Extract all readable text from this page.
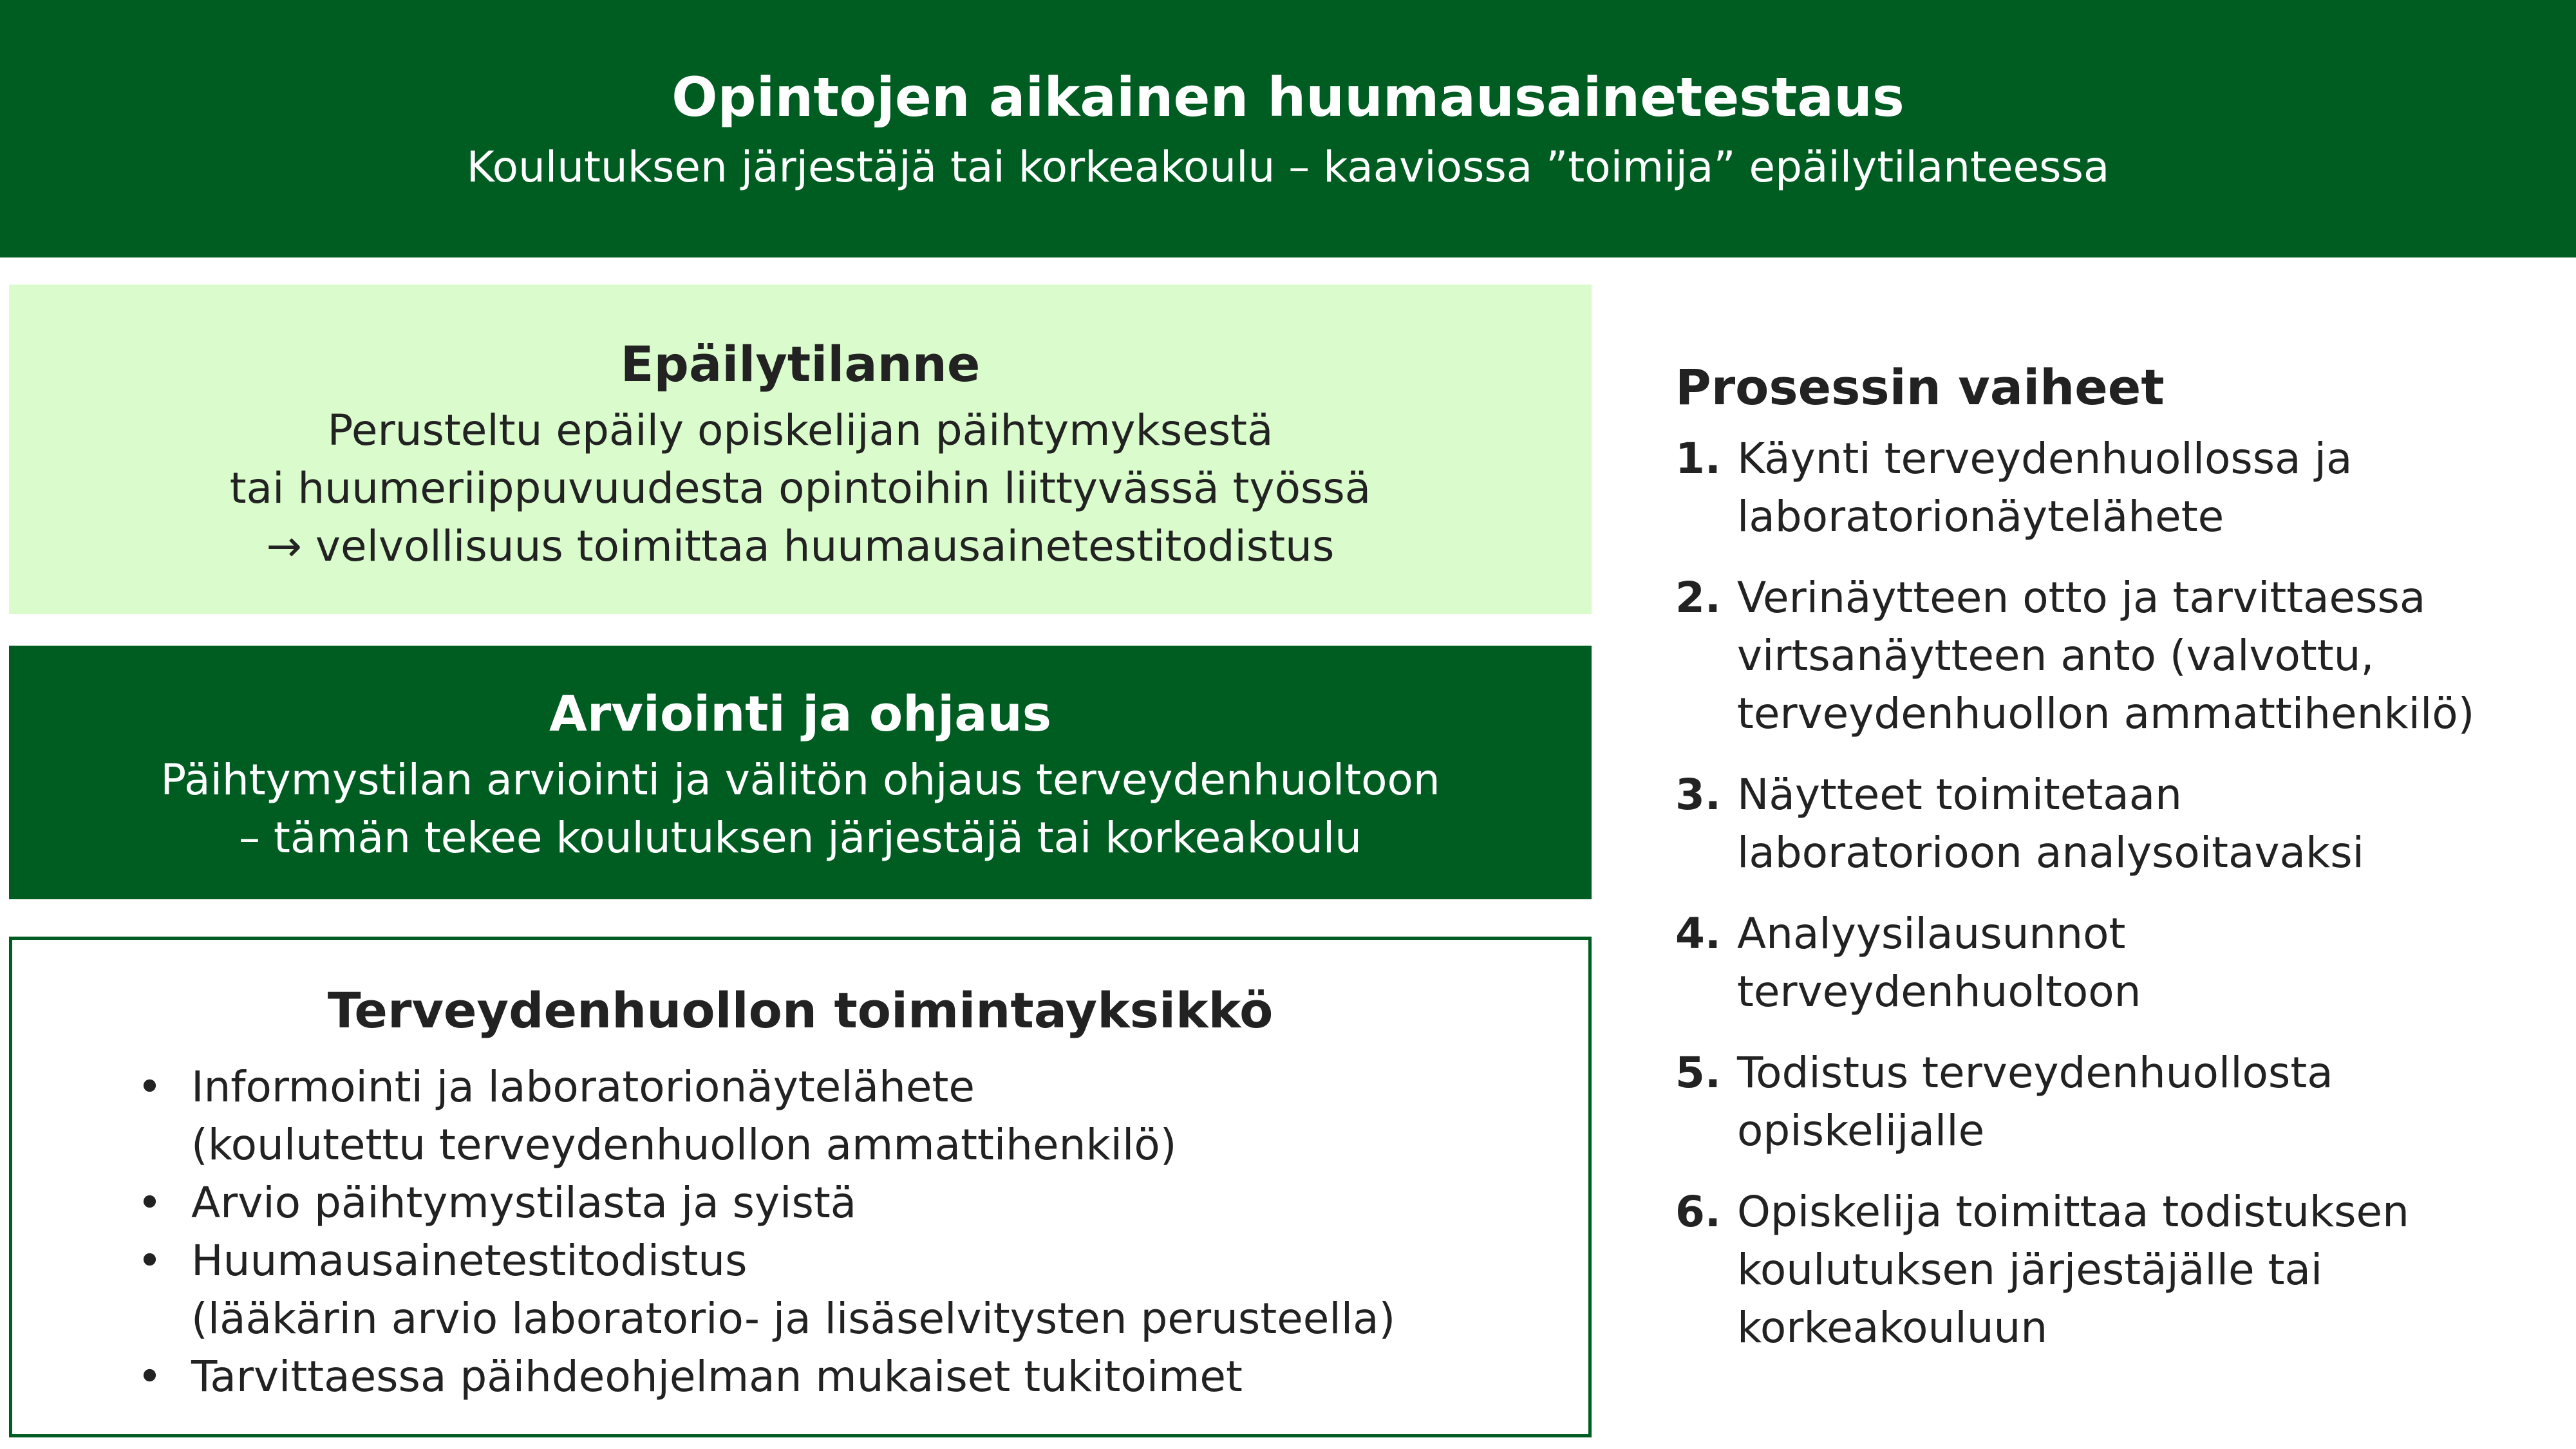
Opintojen aikainen huumausainetestaus
Koulutuksen järjestäjä tai korkeakoulu – kaaviossa ”toimija” epäilytilanteessa
Epäilytilanne

Perusteltu epäily opiskelijan päihtymyksestä

tai huumeriippuvuudesta opintoihin liittyvässä työssä

→ velvollisuus toimittaa huumausainetestitodistus

Arviointi ja ohjaus

Päihtymystilan arviointi ja välitön ohjaus terveydenhuoltoon

– tämän tekee koulutuksen järjestäjä tai korkeakoulu

Terveydenhuollon toimintayksikkö
• Informointi ja laboratorionäytelähete
(koulutettu terveydenhuollon ammattihenkilö)
• Arvio päihtymystilasta ja syistä
• Huumausainetestitodistus
(lääkärin arvio laboratorio- ja lisäselvitysten perusteella)
• Tarvittaessa päihdeohjelman mukaiset tukitoimet
Prosessin vaiheet
1. Käynti terveydenhuollossa ja
laboratorionäytelähete
2. Verinäytteen otto ja tarvittaessa
virtsanäytteen anto (valvottu,
terveydenhuollon ammattihenkilö)
3. Näytteet toimitetaan
laboratorioon analysoitavaksi
4. Analyysilausunnot
terveydenhuoltoon
5. Todistus terveydenhuollosta
opiskelijalle
6. Opiskelija toimittaa todistuksen
koulutuksen järjestäjälle tai
korkeakouluun
